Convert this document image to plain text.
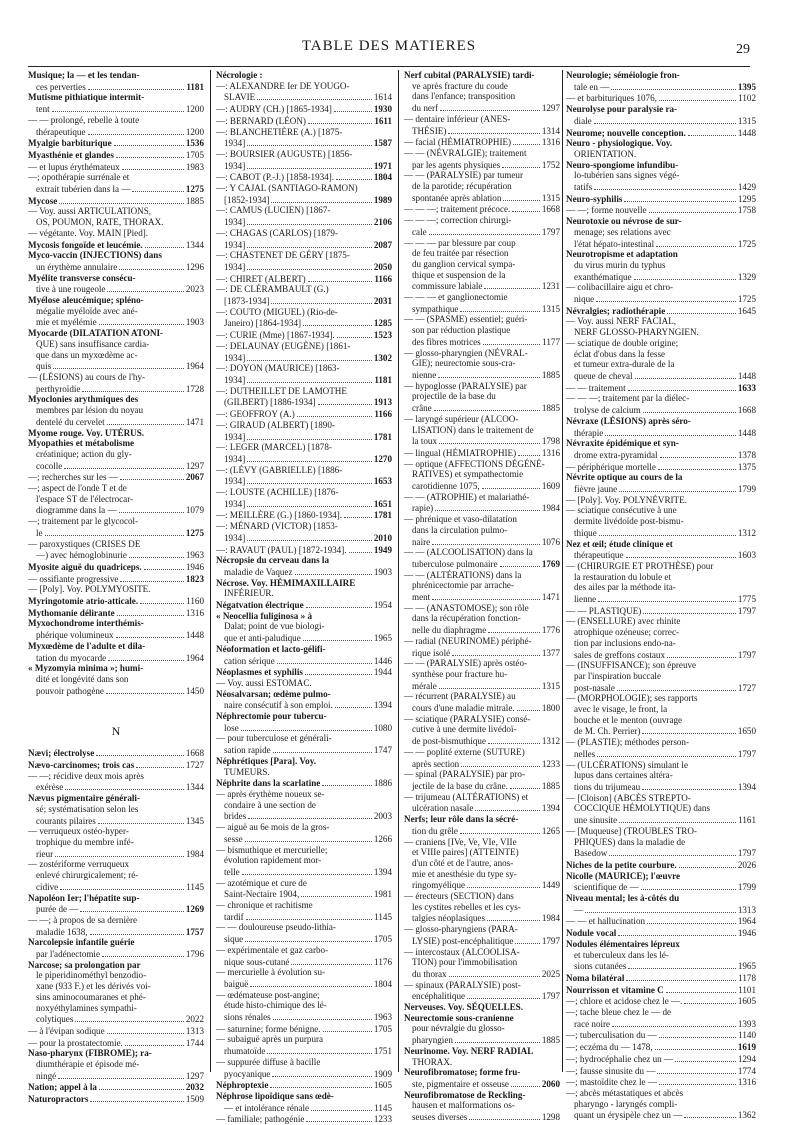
TABLE DES MATIERES	29
Musique; la — et les tendan-
ces perverties	1181
Mutisme pithiatique intermit-
tent	1200
— — prolongé, rebelle à toute
thérapeutique	1200
Myalgie barbiturique	1536
Myasthénie et glandes	1705
— et lupus érythémateux	1983
—; opothérapie surrénale et
extrait tubérien dans la —	1275
Mycose	1885
— Voy. aussi ARTICULATIONS,
OS, POUMON, RATE, THORAX.
— végétante. Voy. MAIN [Pied].
Mycosis fongoïde et leucémie.	1344
Myco-vaccin (INJECTIONS) dans
un érythème annulaire	1296
Myélite transverse consécu-
tive à une rougeole	2023
Myélose aleucémique; spléno-
mégalie myéloïde avec ané-
mie et myélémie	1903
Myocarde (DILATATION ATONI-
QUE) sans insuffisance cardia-
que dans un myxœdème ac-
quis	1964
— (LÉSIONS) au cours de l'hy-
perthyroïdie	1728
Myoclonies arythmiques des
membres par lésion du noyau
dentelé du cervelet	1471
Myome rouge. Voy. UTÉRUS.
Myopathies et métabolisme
créatinique; action du gly-
cocolle	1297
—; recherches sur les —	2067
—; aspect de l'onde T et de
l'espace ST de l'électrocar-
diogramme dans la —	1079
—; traitement par le glycocol-
le	1275
— paroxystiques (CRISES DE
—) avec hémoglobinurie	1963
Myosite aiguë du quadriceps.	1946
— ossifiante progressive	1823
— [Poly]. Voy. POLYMYOSITE.
Myringotomie atrio-atticale.	1160
Mythomanie délirante	1316
Myxochondrome interthémis-
phérique volumineux	1448
Myxœdème de l'adulte et dila-
tation du myocarde	1964
« Myzomyia minima »; humi-
dité et longévité dans son
pouvoir pathogène	1450
N
Nævi; électrolyse	1668
Nævo-carcinomes; trois cas	1727
— —; récidive deux mois après
exérèse	1344
Nævus pigmentaire générali-
sé; systématisation selon les
courants pilaires	1345
— verruqueux ostéo-hyper-
trophique du membre infé-
rieur	1984
— zostériforme verruqueux
enlevé chirurgicalement; ré-
cidive	1145
Napoléon Ier; l'hépatite sup-
purée de —	1269
— —; à propos de sa dernière
maladie 1638,	1757
Narcolepsie infantile guérie
par l'adénectomie	1796
Narcose; sa prolongation par
le piperidinométhyl benzodio-
xane (933 F.) et les dérivés voi-
sins aminocoumaranes et phé-
noxyéthylamines sympathi-
colytiques	2022
— à l'évipan sodique	1313
— pour la prostatectomie.	1744
Naso-pharynx (FIBROME); ra-
diumthérapie et épisode mé-
ningé	1297
Nation; appel à la	2032
Naturopractors	1509
Nécrologie :
—: ALEXANDRE Ier DE YOUGO-
SLAVIE	1614
—: AUDRY (CH.) [1865-1934]	1930
—: BERNARD (LÉON)	1611
—: BLANCHETIÈRE (A.) [1875-
1934]	1587
—: BOURSIER (AUGUSTE) [1856-
1934]	1971
—: CABOT (P.-J.) [1858-1934].	1804
—: Y CAJAL (SANTIAGO-RAMON)
[1852-1934]	1989
—: CAMUS (LUCIEN) [1867-
1934]	2106
—: CHAGAS (CARLOS) [1879-
1934]	2087
—: CHASTENET DE GÉRY [1875-
1934]	2050
—: CHIRET (ALBERT)	1166
—: DE CLÉRAMBAULT (G.)
[1873-1934]	2031
—: COUTO (MIGUEL) (Rio-de-
Janeiro) [1864-1934]	1285
—: CURIE (Mme) [1867-1934].	1523
—: DELAUNAY (EUGÈNE) [1861-
1934]	1302
—: DOYON (MAURICE) [1863-
1934]	1181
—: DUTHEILLET DE LAMOTHE
(GILBERT) [1886-1934]	1913
—: GEOFFROY (A.)	1166
—: GIRAUD (ALBERT) [1890-
1934]	1781
—: LEGER (MARCEL) [1878-
1934]	1270
—: (LÉVY (GABRIELLE) [1886-
1934]	1653
—: LOUSTE (ACHILLE) [1876-
1934]	1651
—: MEILLÈRE (G.) [1860-1934].	1781
—: MÉNARD (VICTOR) [1853-
1934]	2010
—: RAVAUT (PAUL) [1872-1934].	1949
Nécropsie du cerveau dans la
maladie de Vaquez	1903
Nécrose. Voy. HÉMIMAXILLAIRE
INFÉRIEUR.
Négatvation électrique	1954
« Neocellia fuliginosa » à
Dalat; point de vue biologi-
que et anti-paludique	1965
Néoformation et lacto-gélifi-
cation sérique	1446
Néoplasmes et syphilis	1944
— Voy. aussi ESTOMAC.
Néosalvarsan; œdème pulmo-
naire consécutif à son emploi.	1394
Néphrectomie pour tubercu-
lose	1080
— pour tuberculose et générali-
sation rapide	1747
Néphrétiques [Para]. Voy.
TUMEURS.
Néphrite dans la scarlatine	1886
— après érythème noueux se-
condaire à une section de
brides	2003
— aiguë au 6e mois de la gros-
sesse	1266
— bismuthique et mercurielle;
évolution rapidement mor-
telle	1394
— azotémique et cure de
Saint-Nectaire 1904,	1981
— chronique et rachitisme
tardif	1145
— — douloureuse pseudo-lithia-
sique	1705
— expérimentale et gaz carbo-
nique sous-cutané	1176
— mercurielle à évolution su-
baiguë	1804
— œdémateuse post-angine;
étude histo-chimique des lé-
sions rénales	1963
— saturnine; forme bénigne.	1705
— subaiguë après un purpura
rhumatoïde	1751
— suppurée diffuse à bacille
pyocyanique	1909
Néphroptexie	1605
Néphrose lipoïdique sans œdè-
— et intolérance rénale	1145
— familiale; pathogénie	1233
Nerf cubital (PARALYSIE) tardi-
ve après fracture du coude
dans l'enfance; transposition
du nerf	1297
— dentaire inférieur (ANES-
THÉSIE)	1314
— facial (HÉMIATROPHIE)	1316
— — (NÉVRALGIE); traitement
par les agents physiques	1752
— — (PARALYSIE) par tumeur
de la parotide; récupération
spontanée après ablation	1315
— — —; traitement précoce.	1668
— — —; correction chirurgi-
cale	1797
— — — par blessure par coup
de feu traitée par résection
du ganglion cervical sympa-
thique et suspension de la
commissure labiale	1231
— — — et ganglionectomie
sympathique	1315
— — (SPASME) essentiel; guéri-
son par réduction plastique
des fibres motrices	1177
— glosso-pharyngien (NÉVRAL-
GIE); neurectomie sous-cra-
nienne	1885
— hypoglosse (PARALYSIE) par
projectile de la base du
crâne	1885
— laryngé supérieur (ALCOO-
LISATION) dans le traitement de
la toux	1798
— lingual (HÉMIATROPHIE)	1316
— optique (AFFECTIONS DÉGÉNÉ-
RATIVES) et sympathectomie
carotidienne 1075,	1609
— — (ATROPHIE) et malariathé-
rapie)	1984
— phrénique et vaso-dilatation
dans la circulation pulmo-
naire	1076
— — (ALCOOLISATION) dans la
tuberculose pulmonaire	1769
— — (ALTÉRATIONS) dans la
phrénicectomie par arrache-
ment	1471
— — (ANASTOMOSE); son rôle
dans la récupération fonction-
nelle du diaphragme	1776
— radial (NEURINOME) périphé-
rique isolé	1377
— — (PARALYSIE) après ostéo-
synthèse pour fracture hu-
mérale	1315
— récurrent (PARALYSIE) au
cours d'une maladie mitrale.	1800
— sciatique (PARALYSIE) consé-
cutive à une dermite livédoï-
de post-bismuthique	1312
— — poplité externe (SUTURE)
après section	1233
— spinal (PARALYSIE) par pro-
jectile de la base du crâne.	1885
— trijumeau (ALTÉRATIONS) et
ulcération nasale	1394
Nerfs; leur rôle dans la sécré-
tion du grêle	1265
— craniens [IVe, Ve, VIe, VIIe
et VIIIe paires] (ATTEINTE)
d'un côté et de l'autre, anos-
mie et anesthésie du type sy-
ringomyélique	1449
— érecteurs (SECTION) dans
les cystites rebelles et les cys-
talgies néoplasiques	1984
— glosso-pharyngiens (PARA-
LYSIE) post-encéphalitique	1797
— intercostaux (ALCOOLISA-
TION) pour l'immobilisation
du thorax	2025
— spinaux (PARALYSIE) post-
encéphalitique	1797
Nerveuses. Voy. SÉQUELLES.
Neurectomie sous-cranienne
pour névralgie du glosso-
pharyngien	1885
Neurinome. Voy. NERF RADIAL
THORAX.
Neurofibromatose; forme fru-
ste, pigmentaire et osseuse	2060
Neurofibromatose de Reckling-
hausen et malformations os-
seuses diverses	1298
Neurologie; séméiologie fron-
tale en —	1395
— et barbituriques 1076,	1102
Neurolyse pour paralysie ra-
diale	1315
Neurome; nouvelle conception.	1448
Neuro - physiologique. Voy.
ORIENTATION.
Neuro-spongiome infundibu-
lo-tubérien sans signes végé-
tatifs	1429
Neuro-syphilis	1295
— —; forme nouvelle	1758
Neurotoxie ou névrose de sur-
menage; ses relations avec
l'état hépato-intestinal	1725
Neurotropisme et adaptation
du virus murin du typhus
exanthématique	1329
— colibacillaire aigu et chro-
nique	1725
Névralgies; radiothérapie	1645
— Voy. aussi NERF FACIAL,
NERF GLOSSO-PHARYNGIEN.
— sciatique de double origine;
éclat d'obus dans la fesse
et tumeur extra-durale de la
queue de cheval	1448
— — traitement	1633
— — —; traitement par la diélec-
trolyse de calcium	1668
Névraxe (LÉSIONS) après séro-
thérapie	1448
Névraxite épidémique et syn-
drome extra-pyramidal	1378
— périphérique mortelle	1375
Névrite optique au cours de la
fièvre jaune	1799
— [Poly]. Voy. POLYNÉVRITE.
— sciatique consécutive à une
dermite livédoïde post-bismu-
thique	1312
Nez et œil; étude clinique et
thérapeutique	1603
— (CHIRURGIE ET PROTHÈSE) pour
la restauration du lobule et
des ailes par la méthode ita-
lienne	1775
— — PLASTIQUE)	1797
— (ENSELLURE) avec rhinite
atrophique ozéneuse; correc-
tion par inclusions endo-na-
sales de greffons costaux	1797
— (INSUFFISANCE); son épreuve
par l'inspiration buccale
post-nasale	1727
— (MORPHOLOGIE); ses rapports
avec le visage, le front, la
bouche et le menton (ouvrage
de M. Ch. Perrier)	1650
— (PLASTIE); méthodes person-
nelles	1797
— (ULCÉRATIONS) simulant le
lupus dans certaines altéra-
tions du trijumeau	1394
— [Cloison] (ABCÈS STREPTO-
COCCIQUE HÉMOLYTIQUE) dans
une sinusite	1161
— [Muqueuse] (TROUBLES TRO-
PHIQUES) dans la maladie de
Basedow	1797
Niches de la petite courbure.	2026
Nicolle (MAURICE); l'œuvre
scientifique de —	1799
Niveau mental; les à-côtés du
—	1313
— — et hallucination	1964
Nodule vocal	1946
Nodules élémentaires lépreux
et tuberculeux dans les lé-
sions cutanées	1965
Noma bilatéral	1178
Nourrisson et vitamine C	1101
—; chlore et acidose chez le —.	1605
—; tache bleue chez le — de
race noire	1393
—; tuberculisation du —	1140
—; eczéma du — 1478,	1619
—; hydrocéphalie chez un —	1294
—; fausse sinusite du —	1774
—; mastoïdite chez le —	1316
—; abcès métastatiques et abcès
pharyngo - laryngés compli-
quant un érysipèle chez un —	1362
